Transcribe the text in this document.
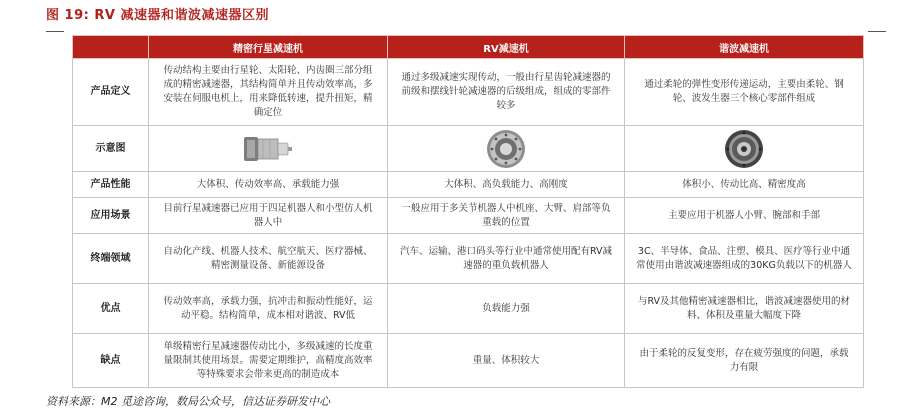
图 19: RV 减速器和谐波减速器区别
	精密行星减速机	RV减速机	谐波减速机
产品定义	传动结构主要由行星轮、太阳轮、内齿圈三部分组成的精密减速器，其结构简单并且传动效率高，多安装在伺服电机上，用来降低转速，提升扭矩，精确定位	通过多级减速实现传动，一般由行星齿轮减速器的前级和摆线针轮减速器的后级组成，组成的零部件较多	通过柔轮的弹性变形传递运动，主要由柔轮、钢轮、波发生器三个核心零部件组成
示意图	

产品性能	大体积、传动效率高、承载能力强	大体积、高负载能力、高刚度	体积小、传动比高、精密度高
应用场景	目前行星减速器已应用于四足机器人和小型仿人机器人中	一般应用于多关节机器人中机座、大臂、肩部等负重载的位置	主要应用于机器人小臂、腕部和手部
终端领域	自动化产线、机器人技术、航空航天、医疗器械、精密测量设备、新能源设备	汽车、运输、港口码头等行业中通常使用配有RV减速器的重负载机器人	3C、半导体、食品、注塑、模具、医疗等行业中通常使用由谐波减速器组成的30KG负载以下的机器人
优点	传动效率高，承载力强，抗冲击和振动性能好，运动平稳。结构简单，成本相对谐波、RV低	负载能力强	与RV及其他精密减速器相比，谐波减速器使用的材料、体积及重量大幅度下降
缺点	单级精密行星减速器传动比小，多级减速的长度重量限制其使用场景。需要定期维护，高精度高效率等特殊要求会带来更高的制造成本	重量、体积较大	由于柔轮的反复变形，存在疲劳强度的问题，承载力有限
资料来源：M2 觅途咨询，数局公众号，信达证券研发中心
